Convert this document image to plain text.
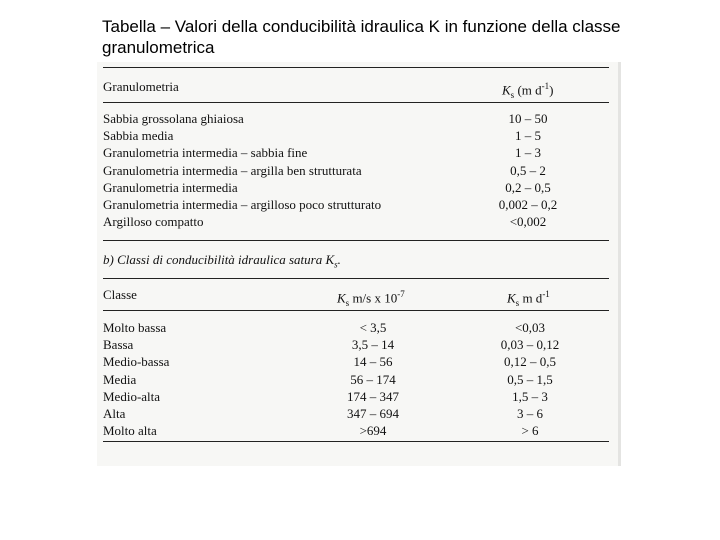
Tabella – Valori della conducibilità idraulica K in funzione della classe granulometrica
Granulometria	$K_s$ (m $d^{-1}$)
Sabbia grossolana ghiaiosa	10 – 50
Sabbia media	1 – 5
Granulometria intermedia – sabbia fine	1 – 3
Granulometria intermedia – argilla ben strutturata	0,5 – 2
Granulometria intermedia	0,2 – 0,5
Granulometria intermedia – argilloso poco strutturato	0,002 – 0,2
Argilloso compatto	<0,002
b) Classi di conducibilità idraulica satura $K_s$.
Classe	$K_s$ m/s x $10^{-7}$	$K_s$ m $d^{-1}$
Molto bassa	< 3,5	<0,03
Bassa	3,5 – 14	0,03 – 0,12
Medio-bassa	14 – 56	0,12 – 0,5
Media	56 – 174	0,5 – 1,5
Medio-alta	174 – 347	1,5 – 3
Alta	347 – 694	3 – 6
Molto alta	>694	> 6
